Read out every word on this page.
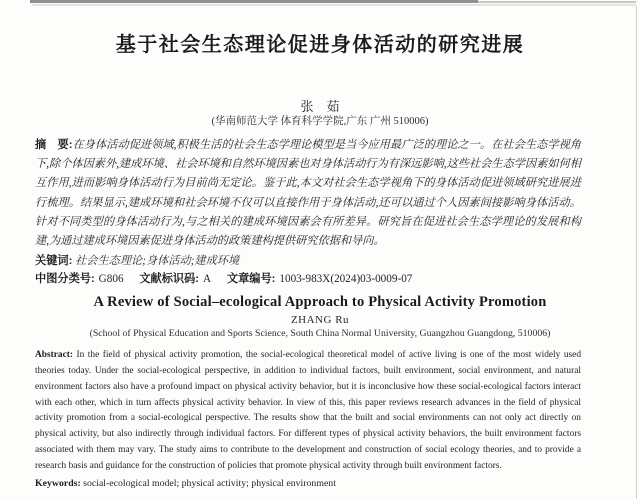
基于社会生态理论促进身体活动的研究进展
张　茹
(华南师范大学 体育科学学院,广东 广州 510006)

摘　要:在身体活动促进领域,积极生活的社会生态学理论模型是当今应用最广泛的理论之一。在社会生态学视角下,除个体因素外,建成环境、社会环境和自然环境因素也对身体活动行为有深远影响,这些社会生态学因素如何相互作用,进而影响身体活动行为目前尚无定论。鉴于此,本文对社会生态学视角下的身体活动促进领域研究进展进行梳理。结果显示,建成环境和社会环境不仅可以直接作用于身体活动,还可以通过个人因素间接影响身体活动。针对不同类型的身体活动行为,与之相关的建成环境因素会有所差异。研究旨在促进社会生态学理论的发展和构建,为通过建成环境因素促进身体活动的政策建构提供研究依据和导向。

关键词: 社会生态理论;身体活动;建成环境
中图分类号: G806 文献标识码: A 文章编号: 1003-983X(2024)03-0009-07
A Review of Social–ecological Approach to Physical Activity Promotion
ZHANG Ru
(School of Physical Education and Sports Science, South China Normal University, Guangzhou Guangdong, 510006)

Abstract: In the field of physical activity promotion, the social-ecological theoretical model of active living is one of the most widely used theories today. Under the social-ecological perspective, in addition to individual factors, built environment, social environment, and natural environment factors also have a profound impact on physical activity behavior, but it is inconclusive how these social-ecological factors interact with each other, which in turn affects physical activity behavior. In view of this, this paper reviews research advances in the field of physical activity promotion from a social-ecological perspective. The results show that the built and social environments can not only act directly on physical activity, but also indirectly through individual factors. For different types of physical activity behaviors, the built environment factors associated with them may vary. The study aims to contribute to the development and construction of social ecology theories, and to provide a research basis and guidance for the construction of policies that promote physical activity through built environment factors.

Keywords: social-ecological model; physical activity; physical environment
